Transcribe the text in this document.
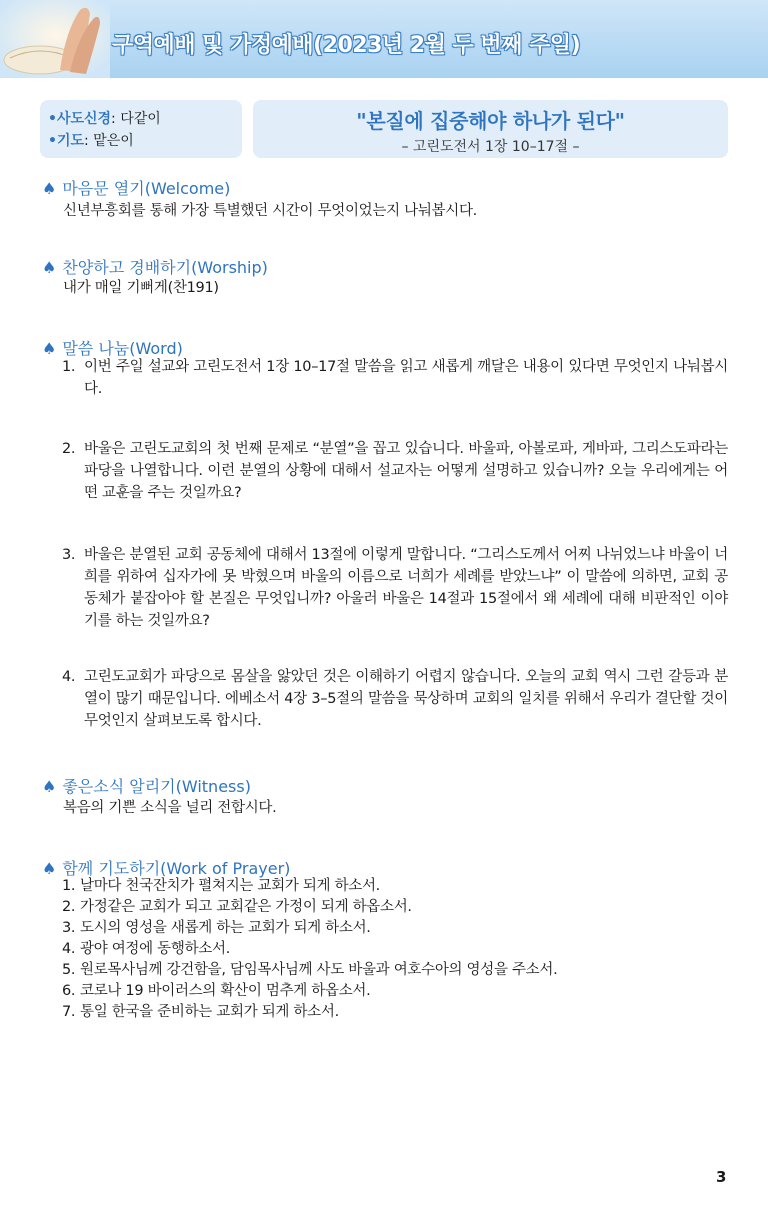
구역예배 및 가정예배(2023년 2월 두 번째 주일)
•사도신경: 다같이
•기도: 맡은이
"본질에 집중해야 하나가 된다"
– 고린도전서 1장 10–17절 –
♠ 마음문 열기(Welcome)
신년부흥회를 통해 가장 특별했던 시간이 무엇이었는지 나눠봅시다.
♠ 찬양하고 경배하기(Worship)
내가 매일 기뻐게(찬191)
♠ 말씀 나눔(Word)
1. 이번 주일 설교와 고린도전서 1장 10–17절 말씀을 읽고 새롭게 깨달은 내용이 있다면 무엇인지 나눠봅시다.
2. 바울은 고린도교회의 첫 번째 문제로 “분열”을 꼽고 있습니다. 바울파, 아볼로파, 게바파, 그리스도파라는 파당을 나열합니다. 이런 분열의 상황에 대해서 설교자는 어떻게 설명하고 있습니까? 오늘 우리에게는 어떤 교훈을 주는 것일까요?
3. 바울은 분열된 교회 공동체에 대해서 13절에 이렇게 말합니다. “그리스도께서 어찌 나뉘었느냐 바울이 너희를 위하여 십자가에 못 박혔으며 바울의 이름으로 너희가 세례를 받았느냐” 이 말씀에 의하면, 교회 공동체가 붙잡아야 할 본질은 무엇입니까? 아울러 바울은 14절과 15절에서 왜 세례에 대해 비판적인 이야기를 하는 것일까요?
4. 고린도교회가 파당으로 몸살을 앓았던 것은 이해하기 어렵지 않습니다. 오늘의 교회 역시 그런 갈등과 분열이 많기 때문입니다. 에베소서 4장 3–5절의 말씀을 묵상하며 교회의 일치를 위해서 우리가 결단할 것이 무엇인지 살펴보도록 합시다.
♠ 좋은소식 알리기(Witness)
복음의 기쁜 소식을 널리 전합시다.
♠ 함께 기도하기(Work of Prayer)
1. 날마다 천국잔치가 펼쳐지는 교회가 되게 하소서.
2. 가정같은 교회가 되고 교회같은 가정이 되게 하옵소서.
3. 도시의 영성을 새롭게 하는 교회가 되게 하소서.
4. 광야 여정에 동행하소서.
5. 원로목사님께 강건함을, 담임목사님께 사도 바울과 여호수아의 영성을 주소서.
6. 코로나 19 바이러스의 확산이 멈추게 하옵소서.
7. 통일 한국을 준비하는 교회가 되게 하소서.
3
